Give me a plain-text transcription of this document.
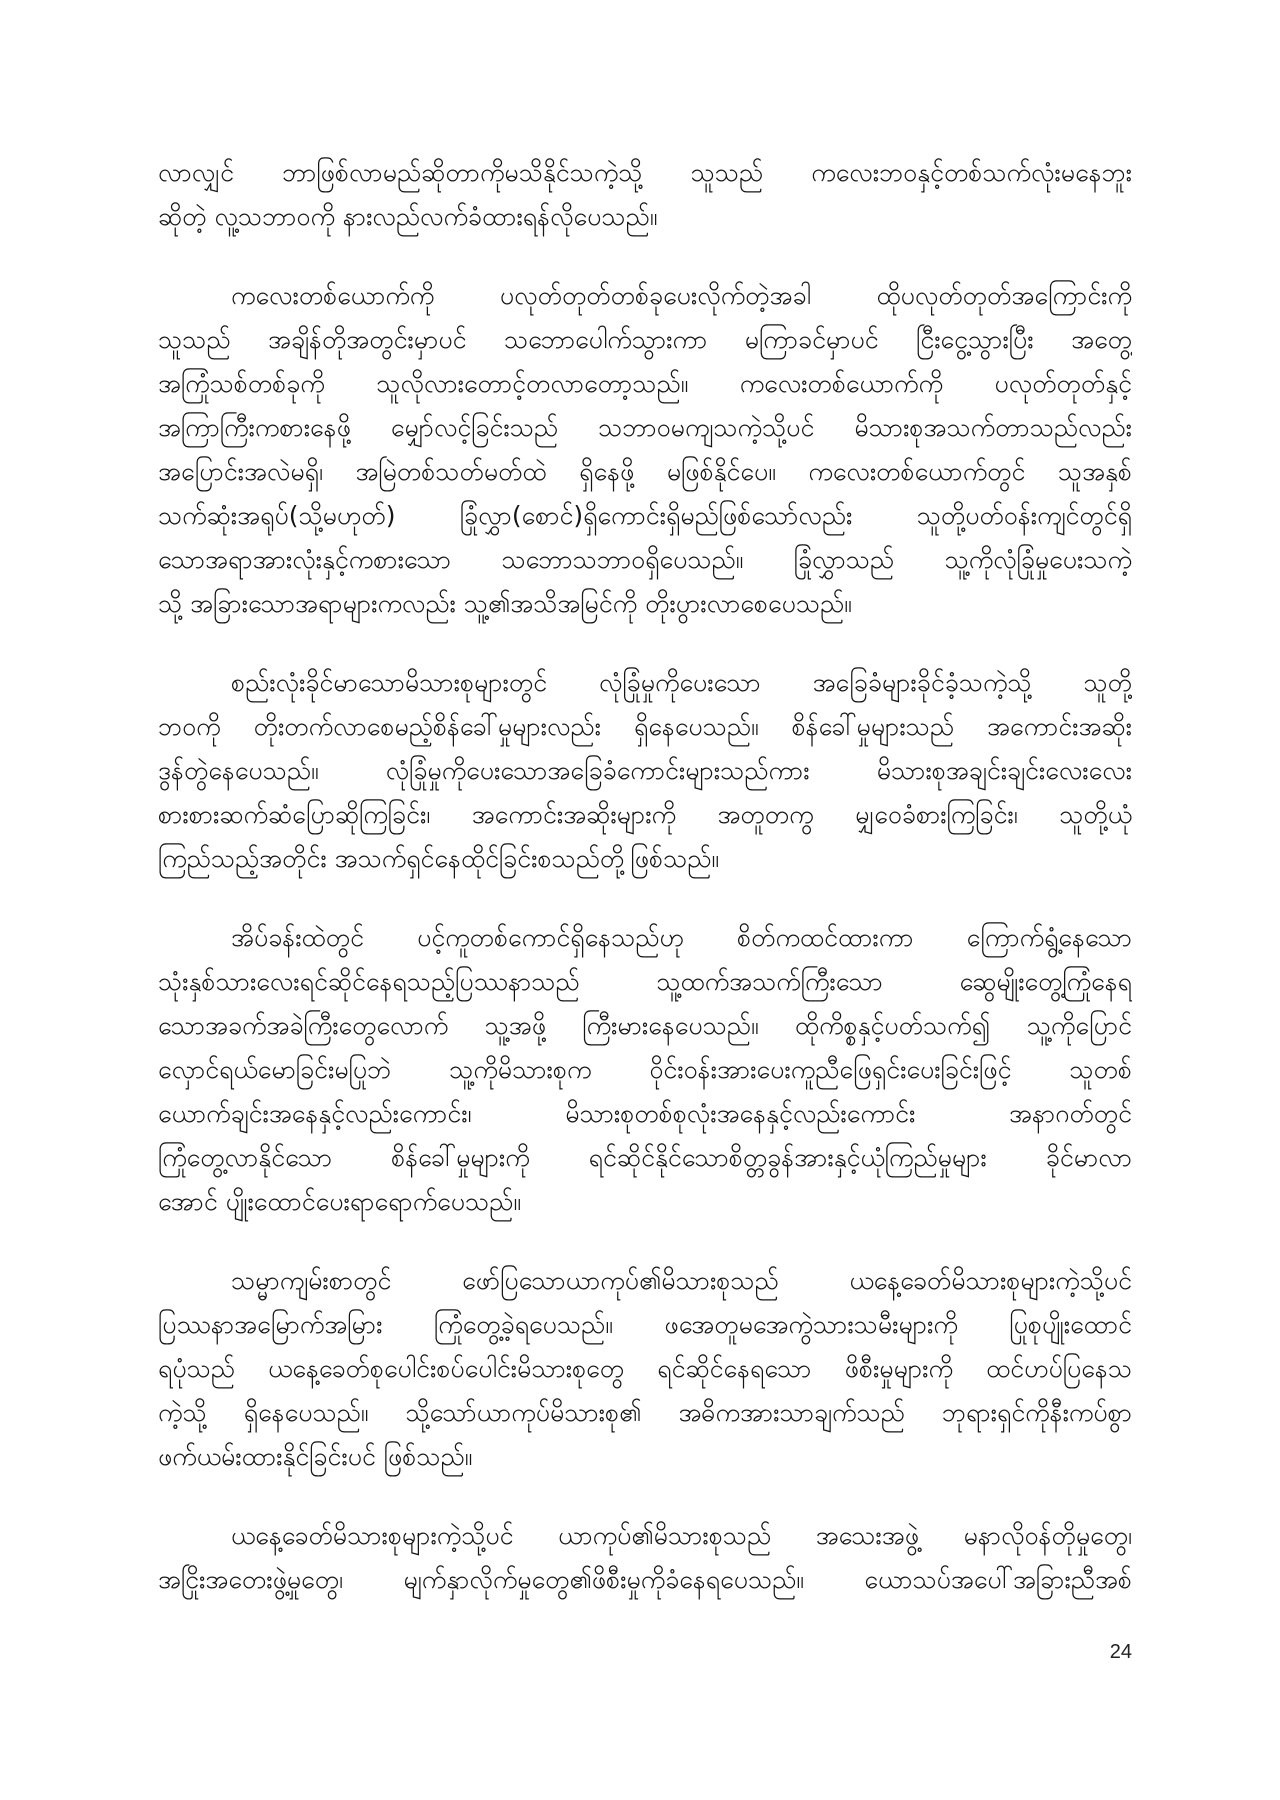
လာလျှင် ဘာဖြစ်လာမည်ဆိုတာကိုမသိနိုင်သကဲ့သို့ သူသည် ကလေးဘဝနှင့်တစ်သက်လုံးမနေဘူး
ဆိုတဲ့ လူ့သဘာဝကို နားလည်လက်ခံထားရန်လိုပေသည်။
ကလေးတစ်ယောက်ကို ပလုတ်တုတ်တစ်ခုပေးလိုက်တဲ့အခါ ထိုပလုတ်တုတ်အကြောင်းကို
သူသည် အချိန်တိုအတွင်းမှာပင် သဘောပေါက်သွားကာ မကြာခင်မှာပင် ငြီးငွေ့သွားပြီး အတွေ့
အကြုံသစ်တစ်ခုကို သူလိုလားတောင့်တလာတော့သည်။ ကလေးတစ်ယောက်ကို ပလုတ်တုတ်နှင့်
အကြာကြီးကစားနေဖို့ မျှော်လင့်ခြင်းသည် သဘာဝမကျသကဲ့သို့ပင် မိသားစုအသက်တာသည်လည်း
အပြောင်းအလဲမရှိ၊ အမြဲတစ်သတ်မတ်ထဲ ရှိနေဖို့ မဖြစ်နိုင်ပေ။ ကလေးတစ်ယောက်တွင် သူအနှစ်
သက်ဆုံးအရုပ်(သို့မဟုတ်) ခြုံလွှာ(စောင်)ရှိကောင်းရှိမည်ဖြစ်သော်လည်း သူတို့ပတ်ဝန်းကျင်တွင်ရှိ
သောအရာအားလုံးနှင့်ကစားသော သဘောသဘာဝရှိပေသည်။ ခြုံလွှာသည် သူ့ကိုလုံခြုံမှုပေးသကဲ့
သို့ အခြားသောအရာများကလည်း သူ့၏အသိအမြင်ကို တိုးပွားလာစေပေသည်။
စည်းလုံးခိုင်မာသောမိသားစုများတွင် လုံခြုံမှုကိုပေးသော အခြေခံများခိုင်ခံ့သကဲ့သို့ သူတို့
ဘဝကို တိုးတက်လာစေမည့်စိန်ခေါ်မှုများလည်း ရှိနေပေသည်။ စိန်ခေါ်မှုများသည် အကောင်းအဆိုး
ဒွန်တွဲနေပေသည်။ လုံခြုံမှုကိုပေးသောအခြေခံကောင်းများသည်ကား မိသားစုအချင်းချင်းလေးလေး
စားစားဆက်ဆံပြောဆိုကြခြင်း၊ အကောင်းအဆိုးများကို အတူတကွ မျှဝေခံစားကြခြင်း၊ သူတို့ယုံ
ကြည်သည့်အတိုင်း အသက်ရှင်နေထိုင်ခြင်းစသည်တို့ဖြစ်သည်။
အိပ်ခန်းထဲတွင် ပင့်ကူတစ်ကောင်ရှိနေသည်ဟု စိတ်ကထင်ထားကာ ကြောက်ရွံ့နေသော
သုံးနှစ်သားလေးရင်ဆိုင်နေရသည့်ပြဿနာသည် သူ့ထက်အသက်ကြီးသော ဆွေမျိုးတွေ့ကြုံနေရ
သောအခက်အခဲကြီးတွေလောက် သူ့အဖို့ ကြီးမားနေပေသည်။ ထိုကိစ္စနှင့်ပတ်သက်၍ သူ့ကိုပြောင်
လှောင်ရယ်မောခြင်းမပြုဘဲ သူ့ကိုမိသားစုက ဝိုင်းဝန်းအားပေးကူညီဖြေရှင်းပေးခြင်းဖြင့် သူတစ်
ယောက်ချင်းအနေနှင့်လည်းကောင်း၊ မိသားစုတစ်စုလုံးအနေနှင့်လည်းကောင်း အနာဂတ်တွင်
ကြုံတွေ့လာနိုင်သော စိန်ခေါ်မှုများကို ရင်ဆိုင်နိုင်သောစိတ္တခွန်အားနှင့်ယုံကြည်မှုများ ခိုင်မာလာ
အောင် ပျိုးထောင်ပေးရာရောက်ပေသည်။
သမ္မာကျမ်းစာတွင် ဖော်ပြသောယာကုပ်၏မိသားစုသည် ယနေ့ခေတ်မိသားစုများကဲ့သို့ပင်
ပြဿနာအမြောက်အမြား ကြုံတွေ့ခဲ့ရပေသည်။ ဖအေတူမအေကွဲသားသမီးများကို ပြုစုပျိုးထောင်
ရပုံသည် ယနေ့ခေတ်စုပေါင်းစပ်ပေါင်းမိသားစုတွေ ရင်ဆိုင်နေရသော ဖိစီးမှုများကို ထင်ဟပ်ပြနေသ
ကဲ့သို့ ရှိနေပေသည်။ သို့သော်ယာကုပ်မိသားစု၏ အဓိကအားသာချက်သည် ဘုရားရှင်ကိုနီးကပ်စွာ
ဖက်ယမ်းထားနိုင်ခြင်းပင် ဖြစ်သည်။
ယနေ့ခေတ်မိသားစုများကဲ့သို့ပင် ယာကုပ်၏မိသားစုသည် အသေးအဖွဲ့ မနာလိုဝန်တိုမှုတွေ၊
အငြိုးအတေးဖွဲ့မှုတွေ၊ မျက်နှာလိုက်မှုတွေ၏ဖိစီးမှုကိုခံနေရပေသည်။ ယောသပ်အပေါ်အခြားညီအစ်
24
